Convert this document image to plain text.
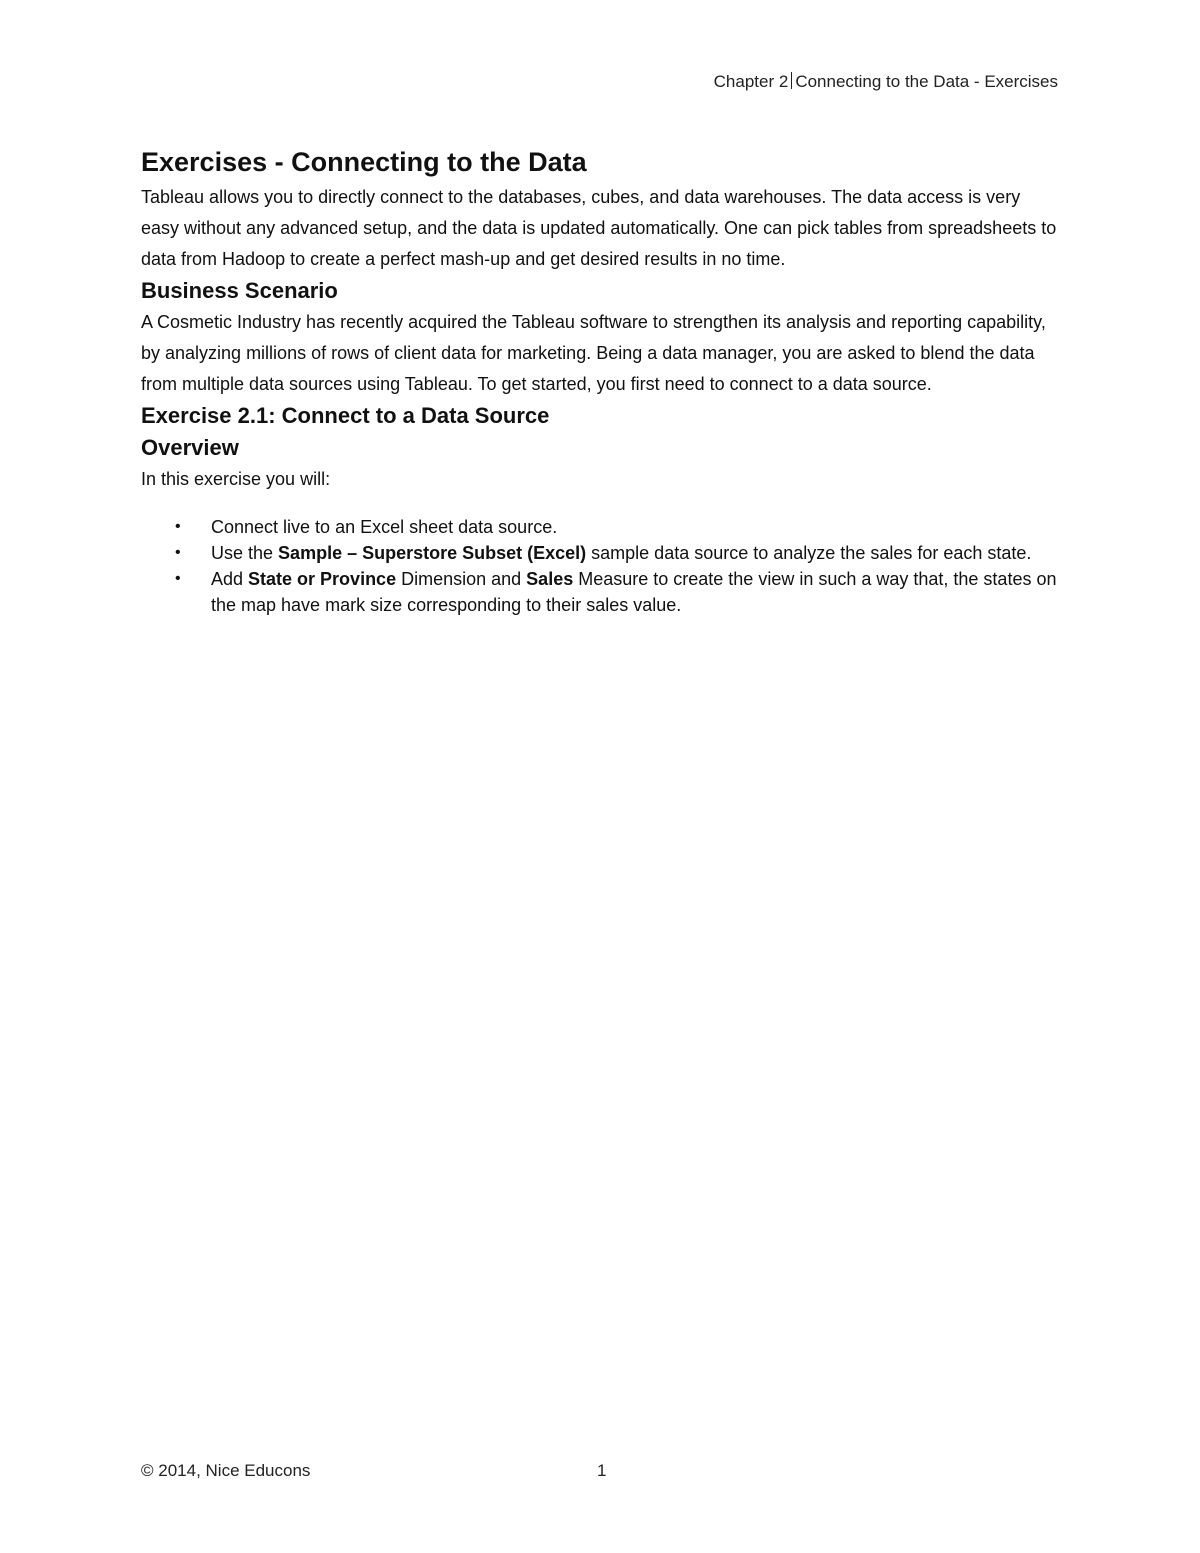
Chapter 2 Connecting to the Data - Exercises
Exercises - Connecting to the Data

Tableau allows you to directly connect to the databases, cubes, and data warehouses. The data access is very easy without any advanced setup, and the data is updated automatically. One can pick tables from spreadsheets to data from Hadoop to create a perfect mash-up and get desired results in no time.

Business Scenario

A Cosmetic Industry has recently acquired the Tableau software to strengthen its analysis and reporting capability, by analyzing millions of rows of client data for marketing. Being a data manager, you are asked to blend the data from multiple data sources using Tableau. To get started, you first need to connect to a data source.

Exercise 2.1: Connect to a Data Source
Overview

In this exercise you will:

• Connect live to an Excel sheet data source.
• Use the Sample – Superstore Subset (Excel) sample data source to analyze the sales for each state.
• Add State or Province Dimension and Sales Measure to create the view in such a way that, the states on the map have mark size corresponding to their sales value.
© 2014, Nice Educons	1
